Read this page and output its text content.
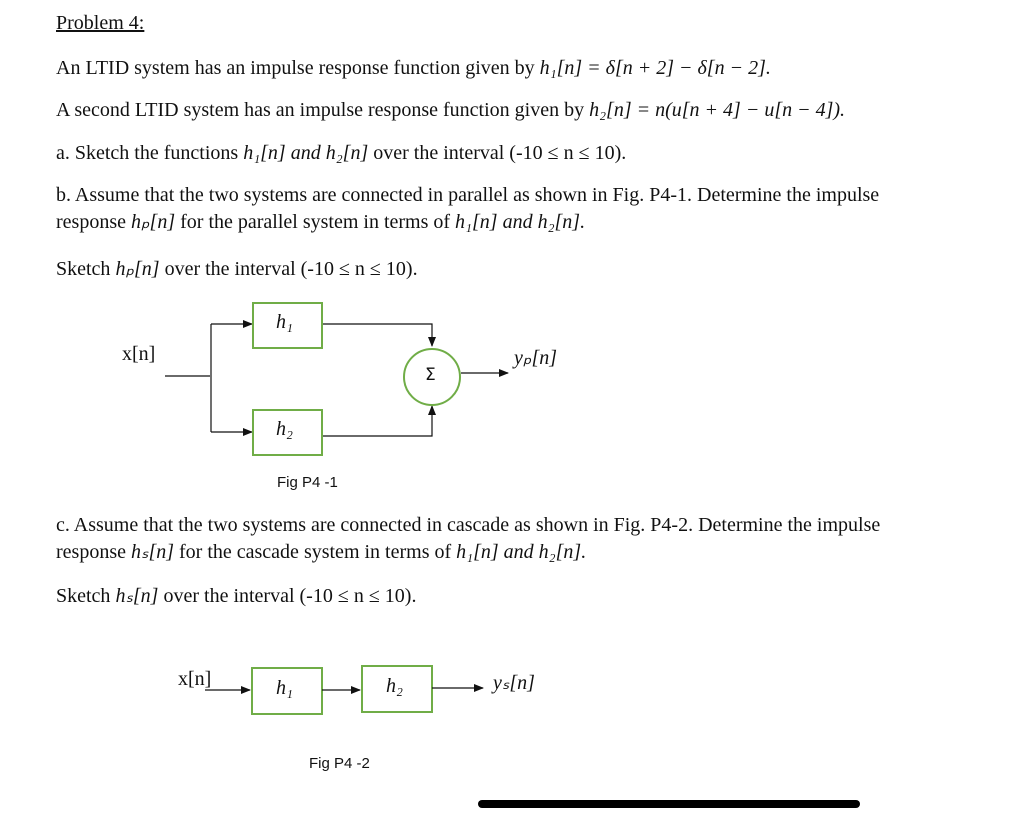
Problem 4:
An LTID system has an impulse response function given by h₁[n] = δ[n + 2] − δ[n − 2].
A second LTID system has an impulse response function given by h₂[n] = n(u[n + 4] − u[n − 4]).
a. Sketch the functions h₁[n] and h₂[n] over the interval (-10 ≤ n ≤ 10).
b. Assume that the two systems are connected in parallel as shown in Fig. P4-1. Determine the impulse
response hₚ[n] for the parallel system in terms of h₁[n] and h₂[n].
Sketch hₚ[n] over the interval (-10 ≤ n ≤ 10).
x[n]
h₁
h₂
Σ
yₚ[n]
Fig P4 -1
c. Assume that the two systems are connected in cascade as shown in Fig. P4-2. Determine the impulse
response hₛ[n] for the cascade system in terms of h₁[n] and h₂[n].
Sketch hₛ[n] over the interval (-10 ≤ n ≤ 10).
x[n]	h₁	h₂	yₛ[n]
Fig P4 -2
